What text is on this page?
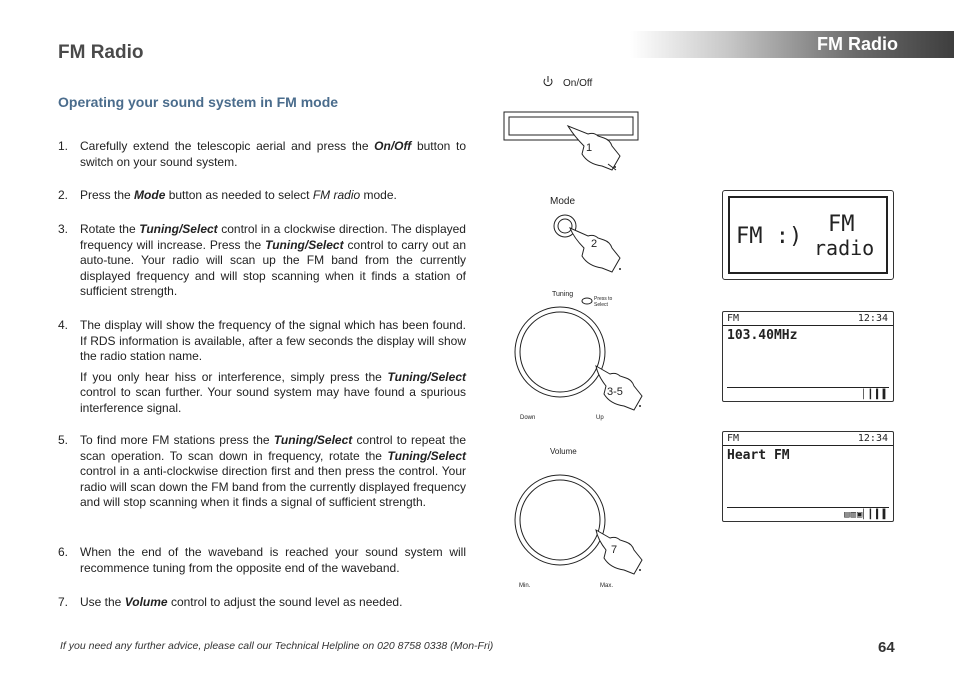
FM Radio	FM Radio
Operating your sound system in FM mode
1. Carefully extend the telescopic aerial and press the On/Off button to switch on your sound system.

2. Press the Mode button as needed to select FM radio mode.

3. Rotate the Tuning/Select control in a clockwise direction. The displayed frequency will increase. Press the Tuning/Select control to carry out an auto-tune. Your radio will scan up the FM band from the currently displayed frequency and will stop scanning when it finds a station of sufficient strength.

4. The display will show the frequency of the signal which has been found. If RDS information is available, after a few seconds the display will show the radio station name.

If you only hear hiss or interference, simply press the Tuning/Select control to scan further. Your sound system may have found a spurious interference signal.

5. To find more FM stations press the Tuning/Select control to repeat the scan operation. To scan down in frequency, rotate the Tuning/Select control in a anti-clockwise direction first and then press the control. Your radio will scan down the FM band from the currently displayed frequency and will stop scanning when it finds a signal of sufficient strength.

6. When the end of the waveband is reached your sound system will recommence tuning from the opposite end of the waveband.

7. Use the Volume control to adjust the sound level as needed.

On/Off
1
Mode
2
Tuning
Press to
Select
3-5
Down	Up
Volume
7
Min.	Max.
FM :) FM
radio
FM	12:34
103.40MHz
▏▎▍▌
FM	12:34
Heart FM
▤▥▣▏▎▍▌
If you need any further advice, please call our Technical Helpline on 020 8758 0338 (Mon-Fri)	64
